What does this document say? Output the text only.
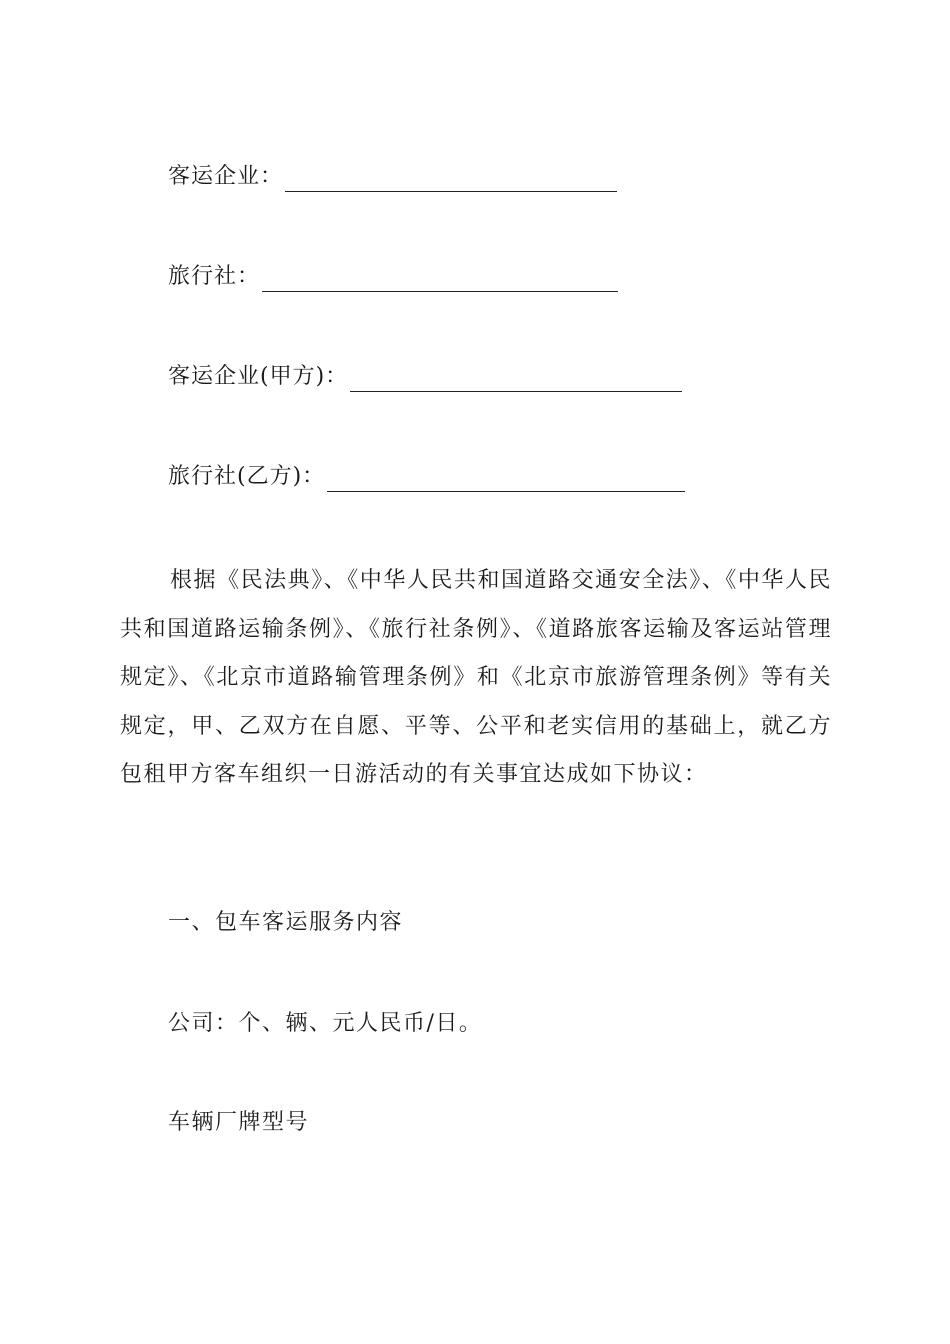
客运企业：
旅行社：
客运企业(甲方)：
旅行社(乙方)：

根据《民法典》、《中华人民共和国道路交通安全法》、《中华人民共和国道路运输条例》、《旅行社条例》、《道路旅客运输及客运站管理规定》、《北京市道路输管理条例》和《北京市旅游管理条例》等有关规定，甲、乙双方在自愿、平等、公平和老实信用的基础上，就乙方包租甲方客车组织一日游活动的有关事宜达成如下协议：

一、包车客运服务内容
公司：个、辆、元人民币/日。
车辆厂牌型号
